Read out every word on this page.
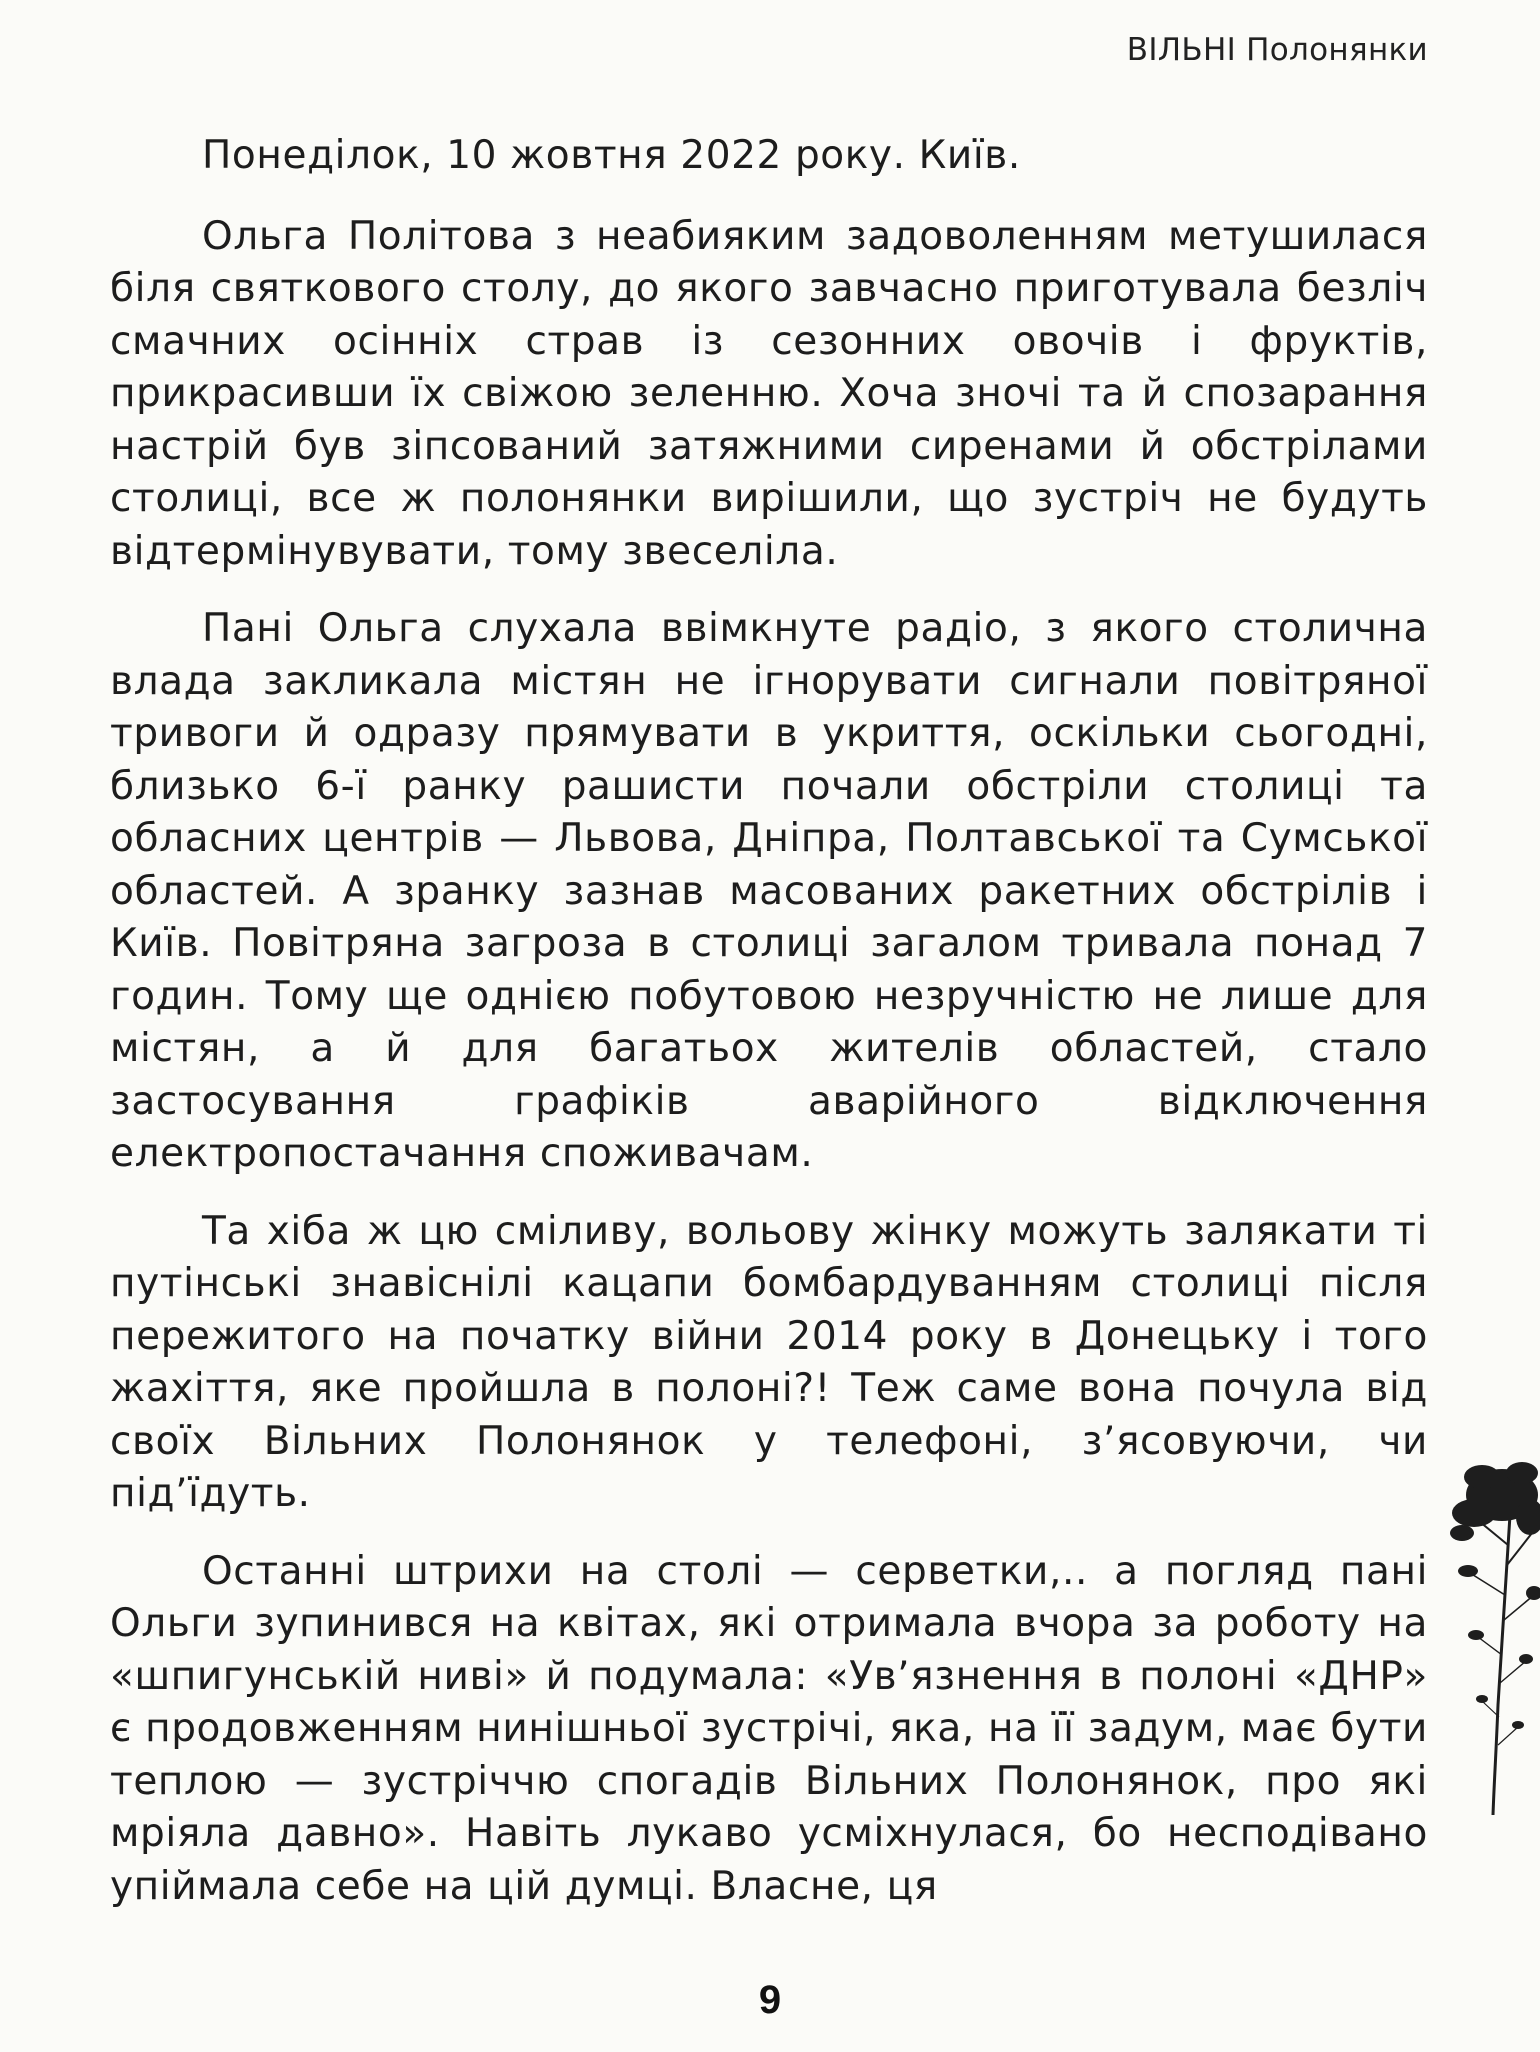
ВІЛЬНІ Полонянки

Понеділок, 10 жовтня 2022 року. Київ.

Ольга Політова з неабияким задоволенням метушилася біля святкового столу, до якого завчасно приготувала безліч смачних осінніх страв із сезонних овочів і фруктів, прикрасивши їх свіжою зеленню. Хоча зночі та й спозарання настрій був зіпсований затяжними сиренами й обстрілами столиці, все ж полонянки вирішили, що зустріч не будуть відтермінувувати, тому звеселіла.

Пані Ольга слухала ввімкнуте радіо, з якого столична влада закликала містян не ігнорувати сигнали повітряної тривоги й одразу прямувати в укриття, оскільки сьогодні, близько 6-ї ранку рашисти почали обстріли столиці та обласних центрів — Львова, Дніпра, Полтавської та Сумської областей. А зранку зазнав масованих ракетних обстрілів і Київ. Повітряна загроза в столиці загалом тривала понад 7 годин. Тому ще однією побутовою незручністю не лише для містян, а й для багатьох жителів областей, стало застосування графіків аварійного відключення електропостачання споживачам.

Та хіба ж цю сміливу, вольову жінку можуть залякати ті путінські знавіснілі кацапи бомбардуванням столиці після пережитого на початку війни 2014 року в Донецьку і того жахіття, яке пройшла в полоні?! Теж саме вона почула від своїх Вільних Полонянок у телефоні, з’ясовуючи, чи під’їдуть.

Останні штрихи на столі — серветки,.. а погляд пані Ольги зупинився на квітах, які отримала вчора за роботу на «шпигунській ниві» й подумала: «Ув’язнення в полоні «ДНР» є продовженням нинішньої зустрічі, яка, на її задум, має бути теплою — зустріччю спогадів Вільних Полонянок, про які мріяла давно». Навіть лукаво усміхнулася, бо несподівано упіймала себе на цій думці. Власне, ця

9
